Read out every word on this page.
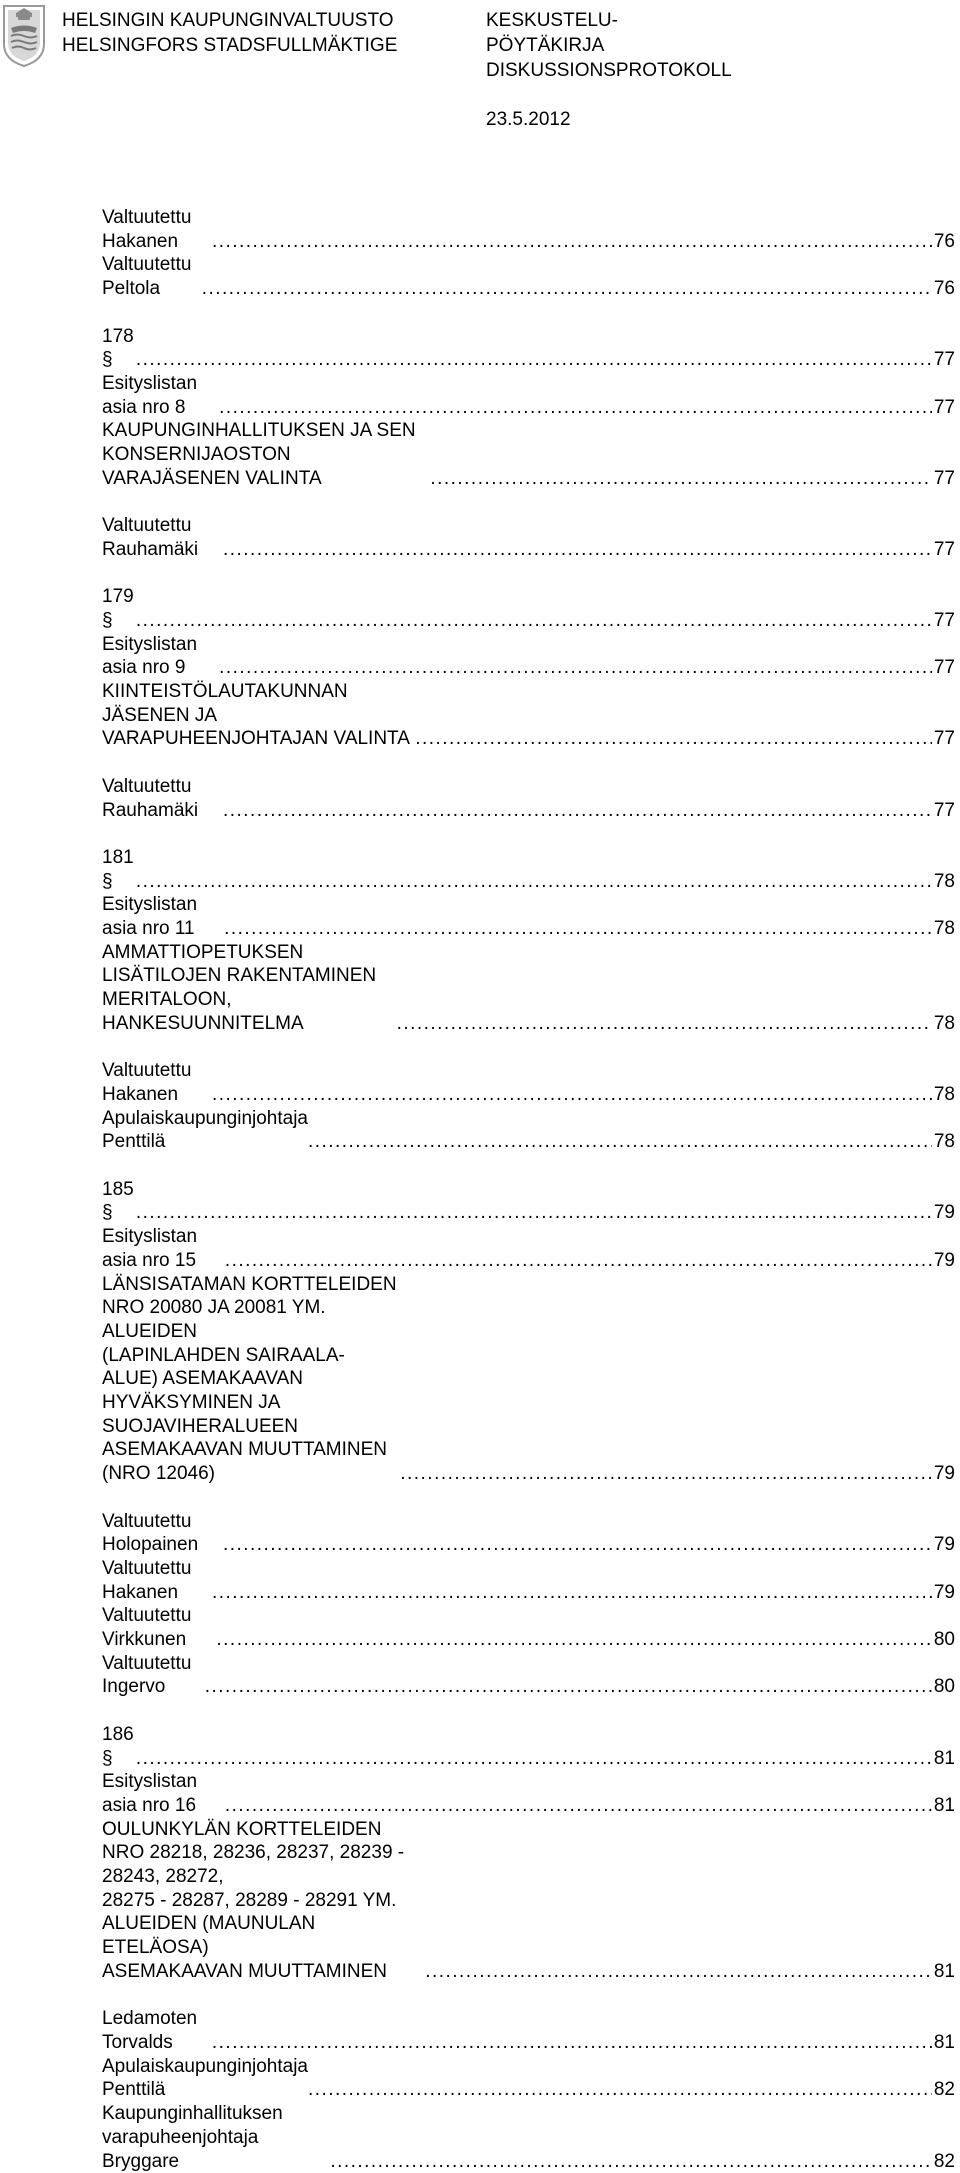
HELSINGIN KAUPUNGINVALTUUSTO
HELSINGFORS STADSFULLMÄKTIGE
KESKUSTELU-
PÖYTÄKIRJA
DISKUSSIONSPROTOKOLL
23.5.2012
Valtuutettu Hakanen . . .	76
Valtuutettu Peltola . . .	76
178 § . . .	77
Esityslistan asia nro 8 . . .	77
KAUPUNGINHALLITUKSEN JA SEN KONSERNIJAOSTON VARAJÄSENEN VALINTA . . .	77
Valtuutettu Rauhamäki . . .	77
179 § . . .	77
Esityslistan asia nro 9 . . .	77
KIINTEISTÖLAUTAKUNNAN JÄSENEN JA VARAPUHEENJOHTAJAN VALINTA . . .	77
Valtuutettu Rauhamäki . . .	77
181 § . . .	78
Esityslistan asia nro 11 . . .	78
AMMATTIOPETUKSEN LISÄTILOJEN RAKENTAMINEN MERITALOON,
HANKESUUNNITELMA . . .	78
Valtuutettu Hakanen . . .	78
Apulaiskaupunginjohtaja Penttilä . . .	78
185 § . . .	79
Esityslistan asia nro 15 . . .	79
LÄNSISATAMAN KORTTELEIDEN NRO 20080 JA 20081 YM. ALUEIDEN
(LAPINLAHDEN SAIRAALA-ALUE) ASEMAKAAVAN HYVÄKSYMINEN JA
SUOJAVIHERALUEEN ASEMAKAAVAN MUUTTAMINEN (NRO 12046) . . .	79
Valtuutettu Holopainen . . .	79
Valtuutettu Hakanen . . .	79
Valtuutettu Virkkunen . . .	80
Valtuutettu Ingervo . . .	80
186 § . . .	81
Esityslistan asia nro 16 . . .	81
OULUNKYLÄN KORTTELEIDEN NRO 28218, 28236, 28237, 28239 - 28243, 28272,
28275 - 28287, 28289 - 28291 YM. ALUEIDEN (MAUNULAN ETELÄOSA)
ASEMAKAAVAN MUUTTAMINEN . . .	81
Ledamoten Torvalds . . .	81
Apulaiskaupunginjohtaja Penttilä . . .	82
Kaupunginhallituksen varapuheenjohtaja Bryggare . . .	82
